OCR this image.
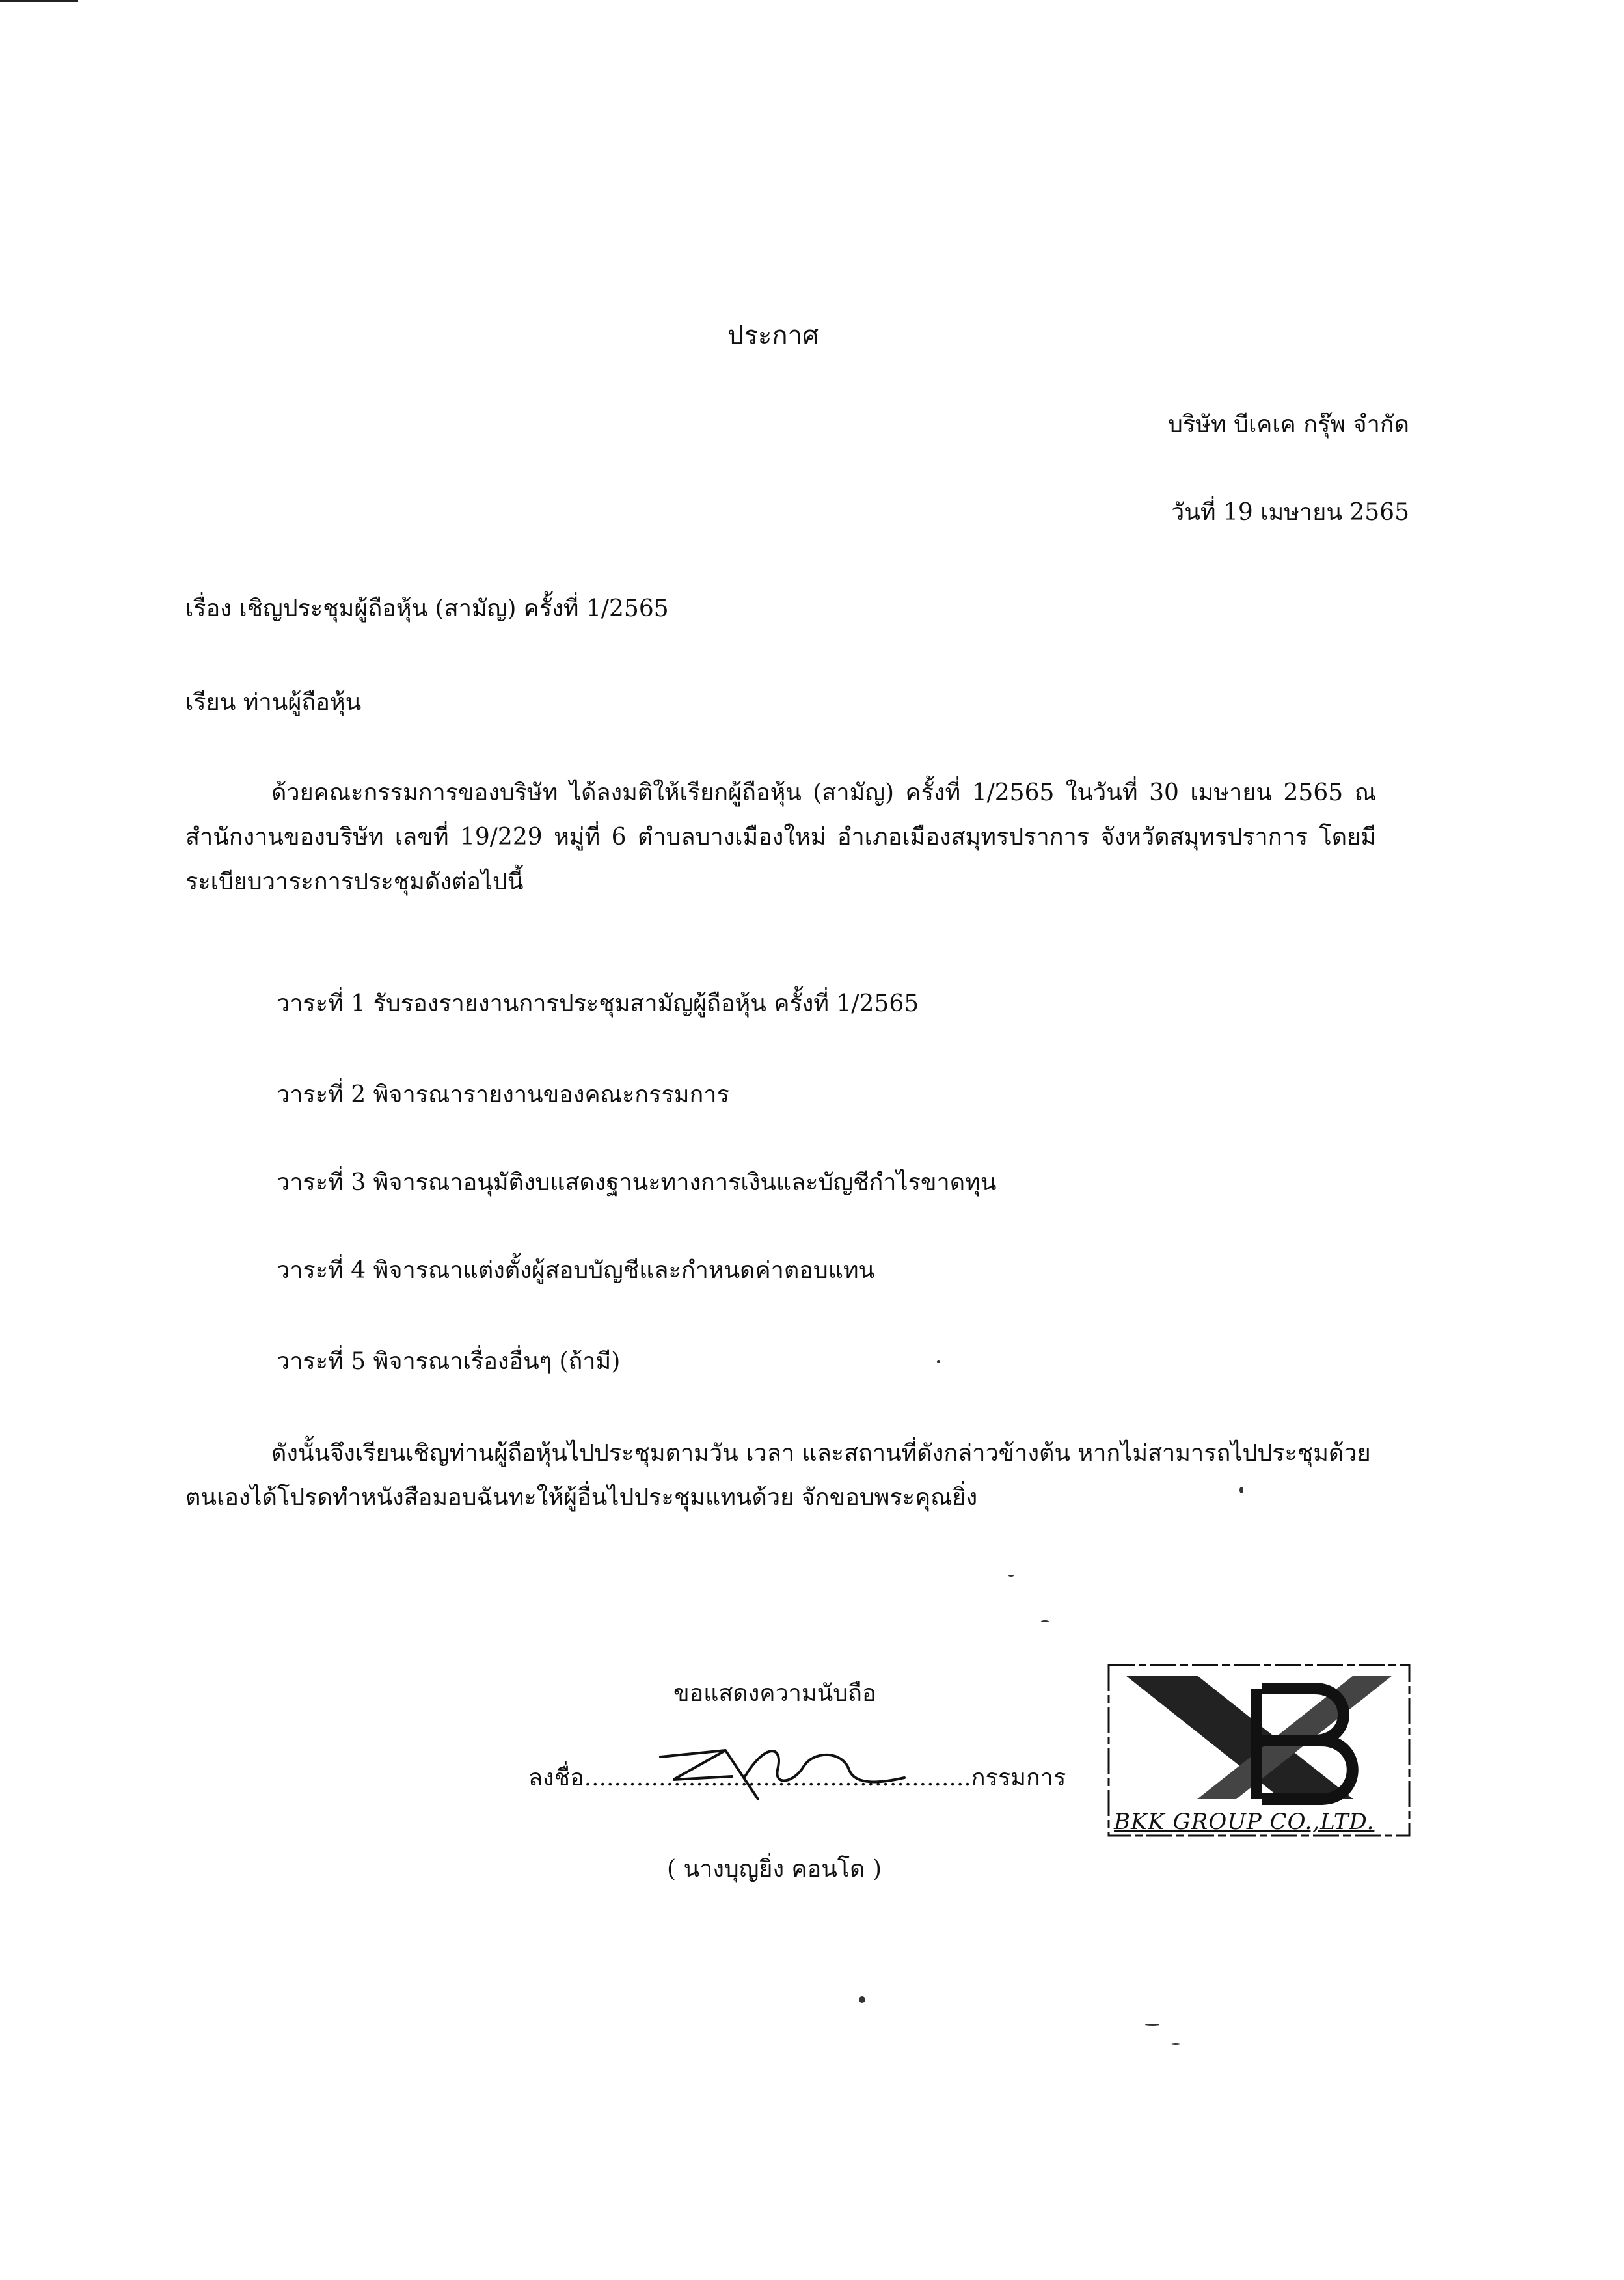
ประกาศ
บริษัท บีเคเค กรุ๊พ จำกัด
วันที่ 19 เมษายน 2565
เรื่อง เชิญประชุมผู้ถือหุ้น (สามัญ) ครั้งที่ 1/2565
เรียน ท่านผู้ถือหุ้น
ด้วยคณะกรรมการของบริษัท ได้ลงมติให้เรียกผู้ถือหุ้น (สามัญ) ครั้งที่ 1/2565 ในวันที่ 30 เมษายน 2565 ณ สำนักงานของบริษัท เลขที่ 19/229 หมู่ที่ 6 ตำบลบางเมืองใหม่ อำเภอเมืองสมุทรปราการ จังหวัดสมุทรปราการ โดยมีระเบียบวาระการประชุมดังต่อไปนี้
วาระที่ 1 รับรองรายงานการประชุมสามัญผู้ถือหุ้น ครั้งที่ 1/2565
วาระที่ 2 พิจารณารายงานของคณะกรรมการ
วาระที่ 3 พิจารณาอนุมัติงบแสดงฐานะทางการเงินและบัญชีกำไรขาดทุน
วาระที่ 4 พิจารณาแต่งตั้งผู้สอบบัญชีและกำหนดค่าตอบแทน
วาระที่ 5 พิจารณาเรื่องอื่นๆ (ถ้ามี)
ดังนั้นจึงเรียนเชิญท่านผู้ถือหุ้นไปประชุมตามวัน เวลา และสถานที่ดังกล่าวข้างต้น หากไม่สามารถไปประชุมด้วยตนเองได้โปรดทำหนังสือมอบฉันทะให้ผู้อื่นไปประชุมแทนด้วย จักขอบพระคุณยิ่ง
ขอแสดงความนับถือ
ลงชื่อ....................................................กรรมการ
( นางบุญยิ่ง คอนโด )
BKK GROUP CO.,LTD.
